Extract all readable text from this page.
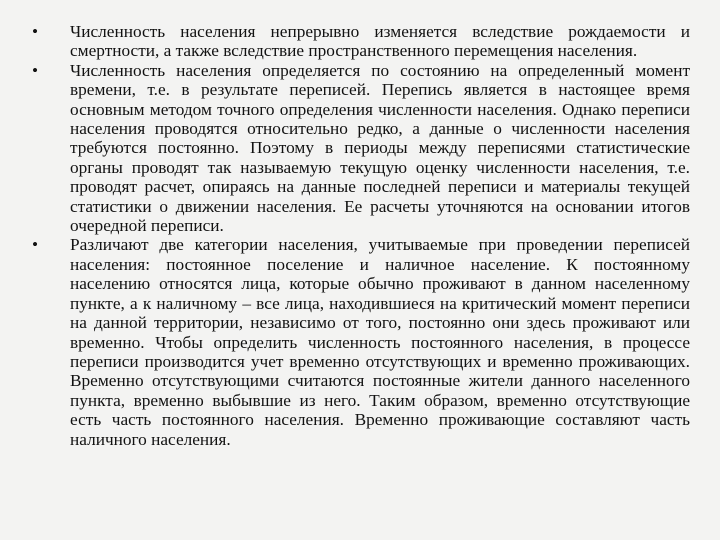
• Численность населения непрерывно изменяется вследствие рождаемости и смертности, а также вследствие пространственного перемещения населения.
• Численность населения определяется по состоянию на определенный момент времени, т.е. в результате переписей. Перепись является в настоящее время основным методом точного определения численности населения. Однако переписи населения проводятся относительно редко, а данные о численности населения требуются постоянно. Поэтому в периоды между переписями статистические органы проводят так называемую текущую оценку численности населения, т.е. проводят расчет, опираясь на данные последней переписи и материалы текущей статистики о движении населения. Ее расчеты уточняются на основании итогов очередной переписи.
• Различают две категории населения, учитываемые при проведении переписей населения: постоянное поселение и наличное население. К постоянному населению относятся лица, которые обычно проживают в данном населенному пункте, а к наличному – все лица, находившиеся на критический момент переписи на данной территории, независимо от того, постоянно они здесь проживают или временно. Чтобы определить численность постоянного населения, в процессе переписи производится учет временно отсутствующих и временно проживающих. Временно отсутствующими считаются постоянные жители данного населенного пункта, временно выбывшие из него. Таким образом, временно отсутствующие есть часть постоянного населения. Временно проживающие составляют часть наличного населения.
